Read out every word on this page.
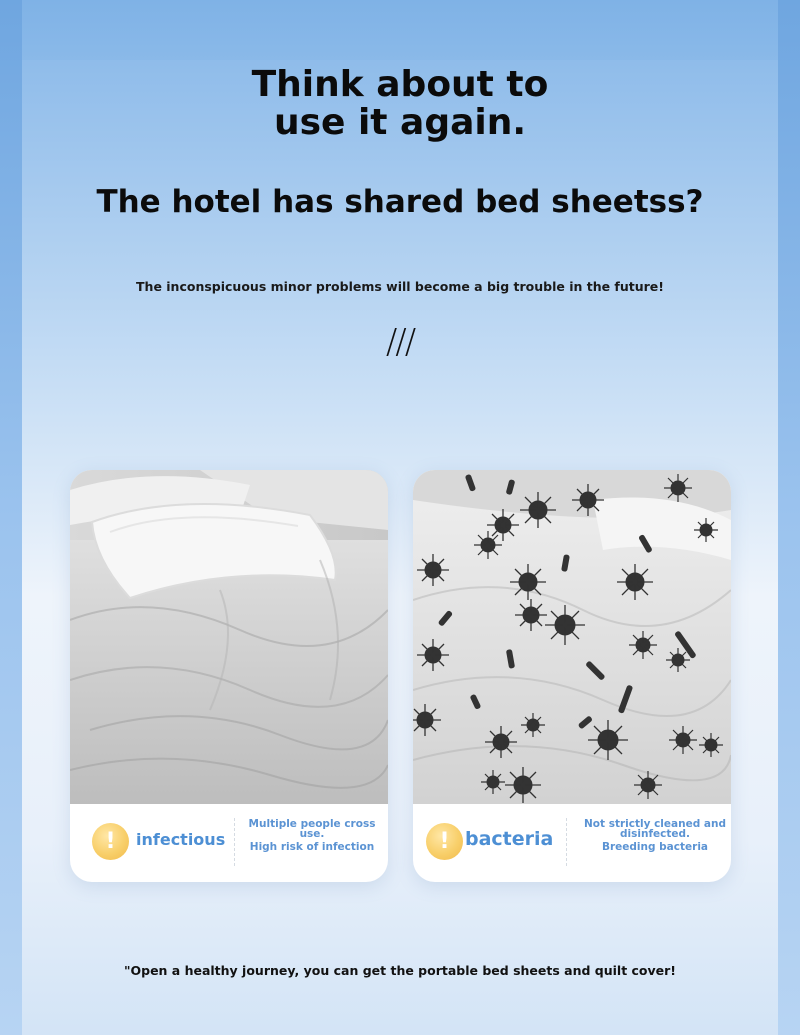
Think about to
use it again.
The hotel has shared bed sheetss?
The inconspicuous minor problems will become a big trouble in the future!
///
!	infectious
Multiple people cross use.
High risk of infection	! bacteria
Not strictly cleaned and disinfected.
Breeding bacteria
"Open a healthy journey, you can get the portable bed sheets and quilt cover!
